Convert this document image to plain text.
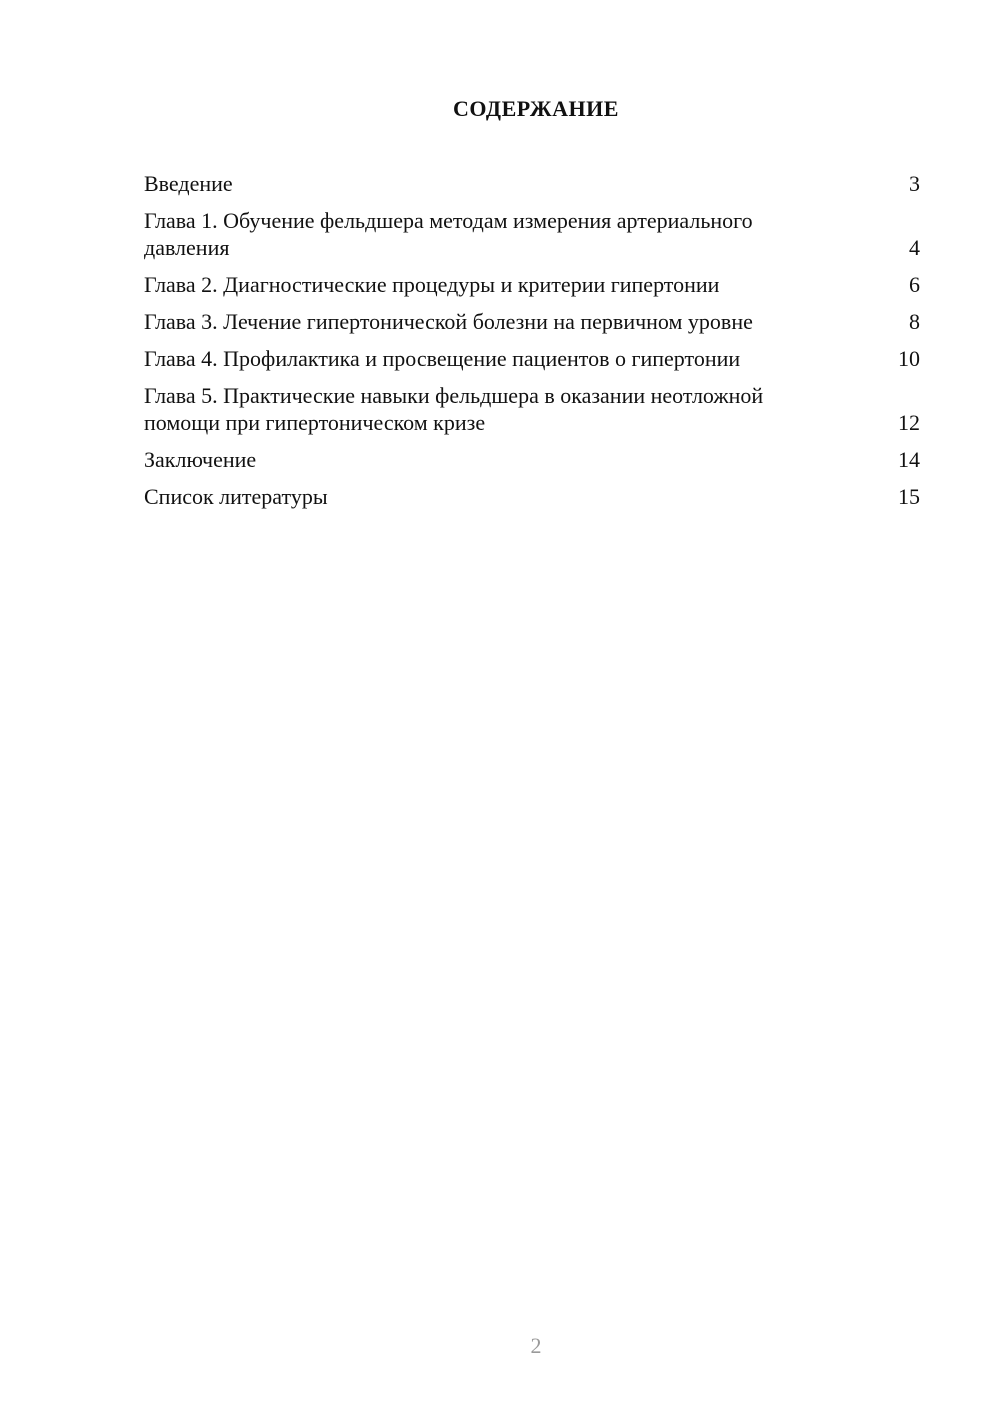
СОДЕРЖАНИЕ
Введение	3
Глава 1. Обучение фельдшера методам измерения артериального давления	4
Глава 2. Диагностические процедуры и критерии гипертонии	6
Глава 3. Лечение гипертонической болезни на первичном уровне	8
Глава 4. Профилактика и просвещение пациентов о гипертонии	10
Глава 5. Практические навыки фельдшера в оказании неотложной помощи при гипертоническом кризе	12
Заключение	14
Список литературы	15
2
